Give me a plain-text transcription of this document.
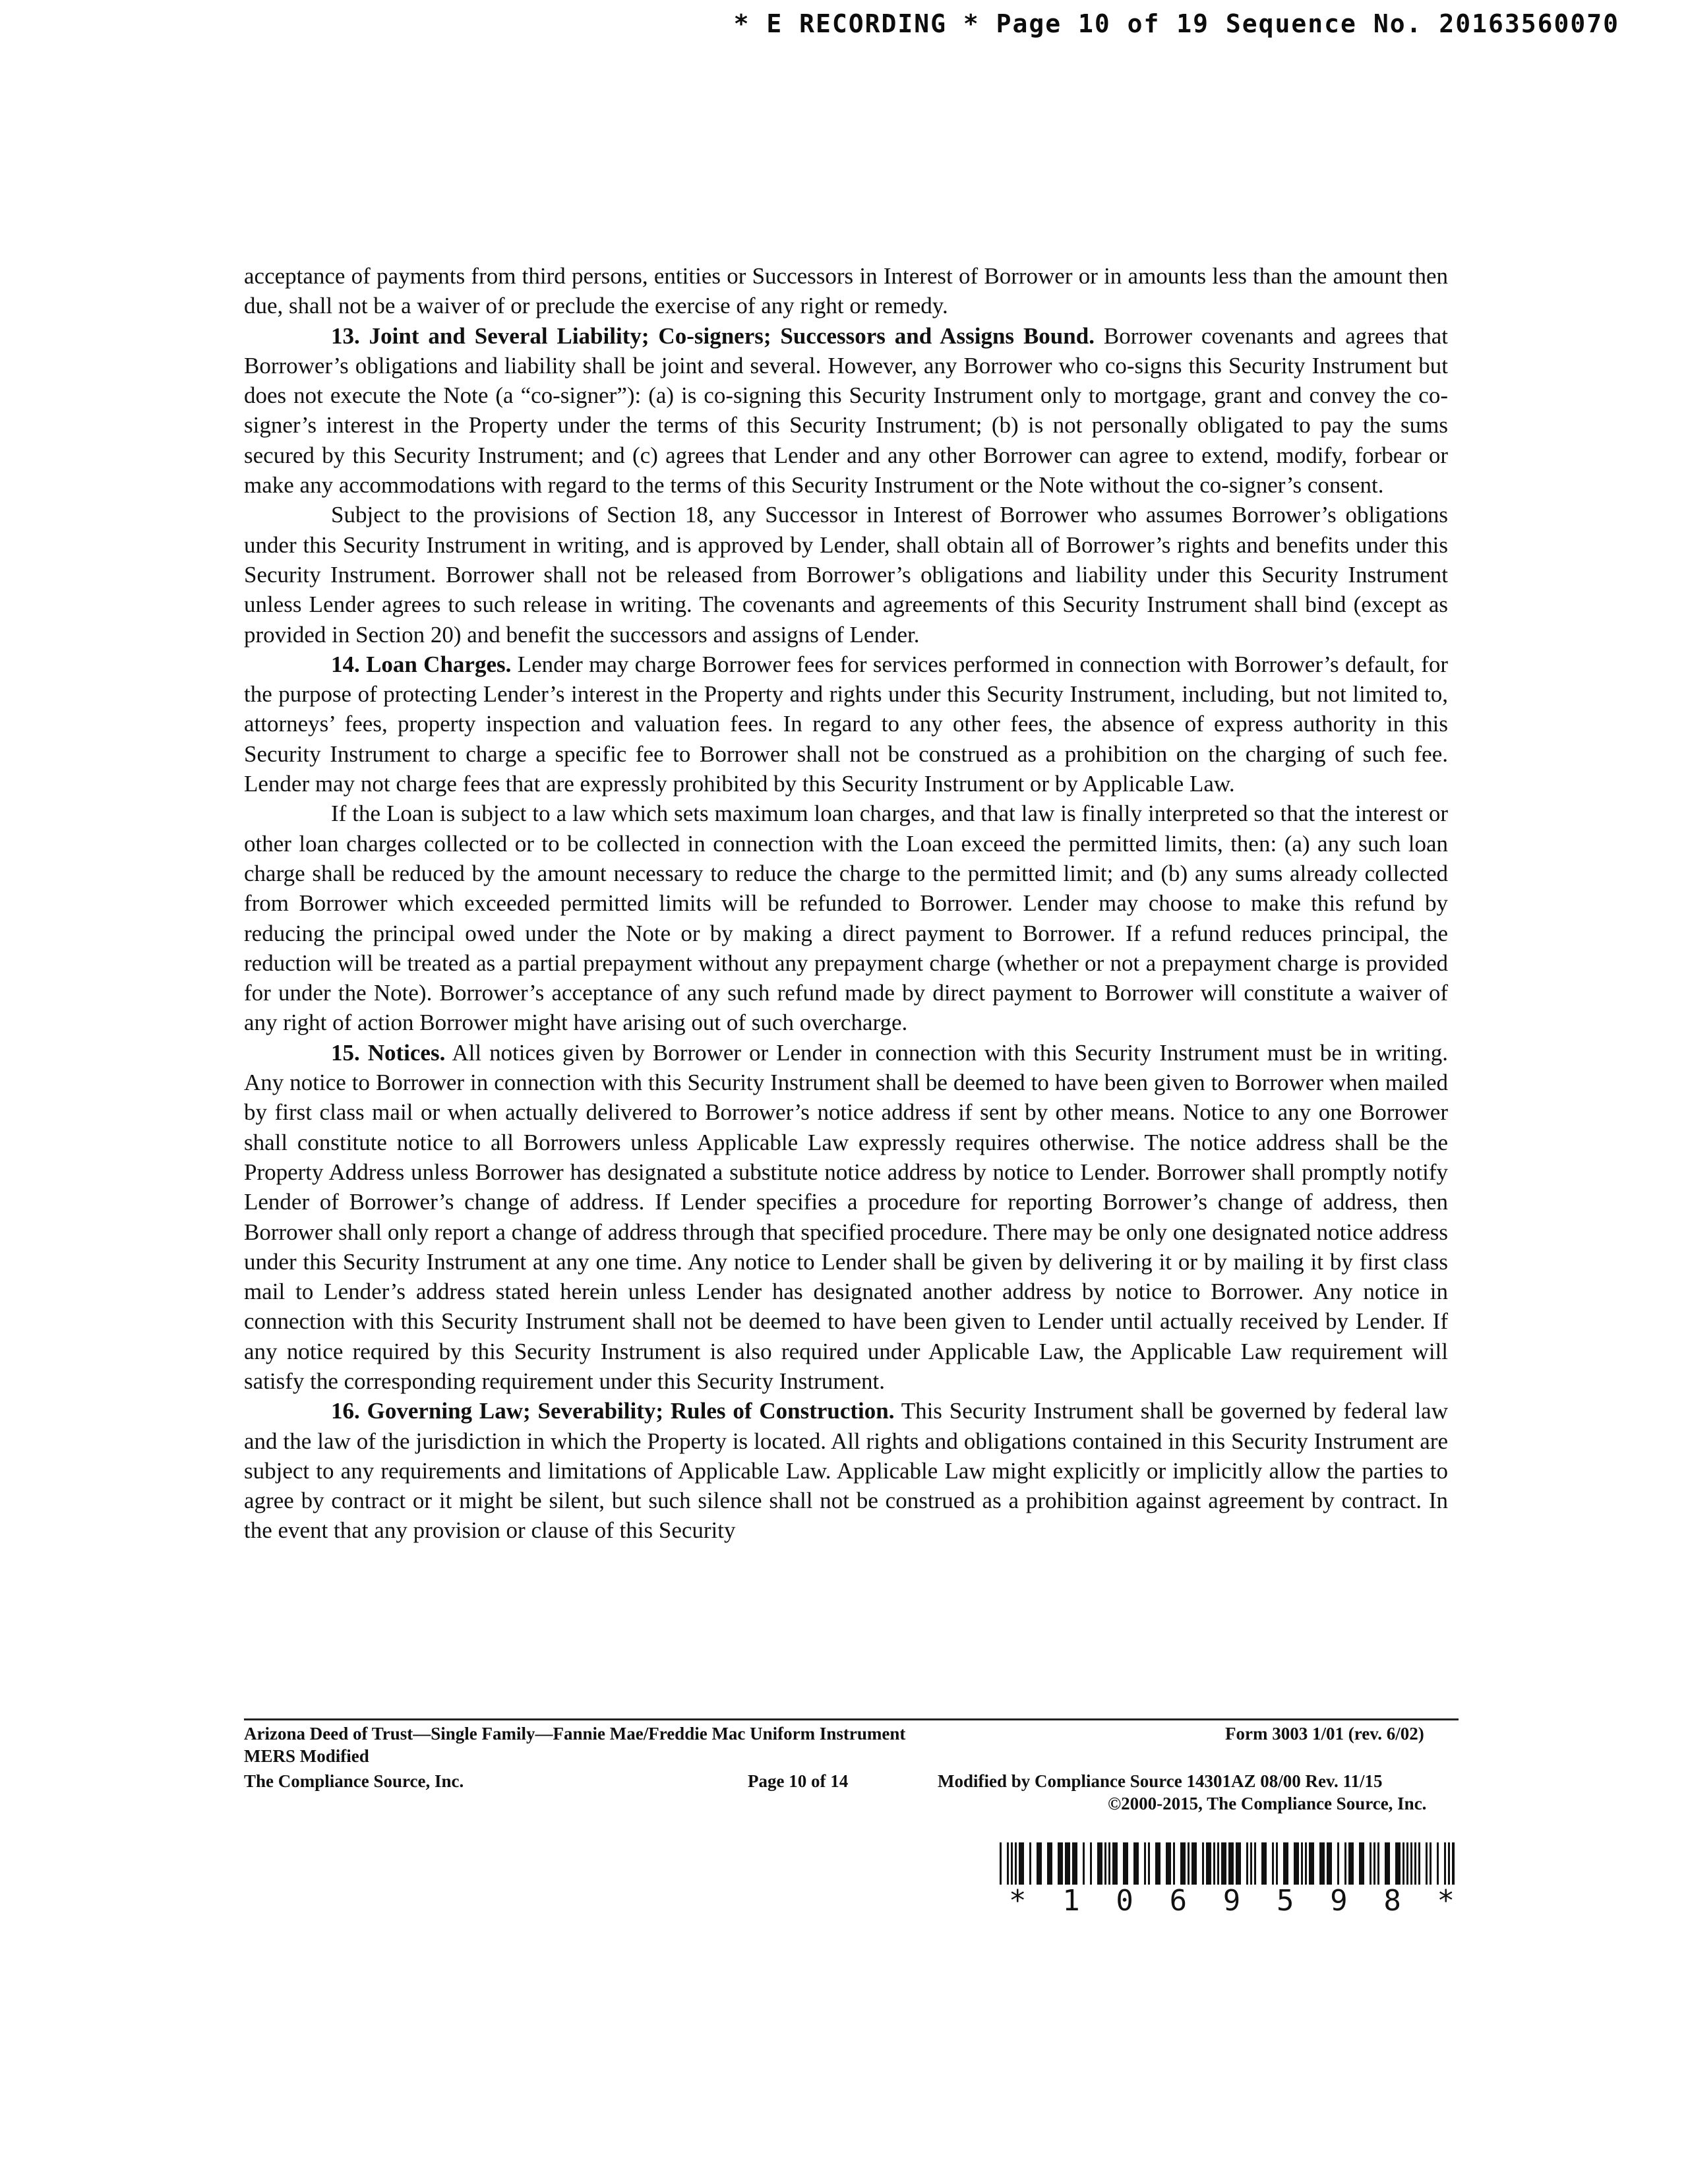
* E RECORDING * Page 10 of 19 Sequence No. 20163560070

acceptance of payments from third persons, entities or Successors in Interest of Borrower or in amounts less than the amount then due, shall not be a waiver of or preclude the exercise of any right or remedy.

13. Joint and Several Liability; Co-signers; Successors and Assigns Bound. Borrower covenants and agrees that Borrower’s obligations and liability shall be joint and several. However, any Borrower who co-signs this Security Instrument but does not execute the Note (a “co-signer”): (a) is co-signing this Security Instrument only to mortgage, grant and convey the co-signer’s interest in the Property under the terms of this Security Instrument; (b) is not personally obligated to pay the sums secured by this Security Instrument; and (c) agrees that Lender and any other Borrower can agree to extend, modify, forbear or make any accommodations with regard to the terms of this Security Instrument or the Note without the co-signer’s consent.

Subject to the provisions of Section 18, any Successor in Interest of Borrower who assumes Borrower’s obligations under this Security Instrument in writing, and is approved by Lender, shall obtain all of Borrower’s rights and benefits under this Security Instrument. Borrower shall not be released from Borrower’s obligations and liability under this Security Instrument unless Lender agrees to such release in writing. The covenants and agreements of this Security Instrument shall bind (except as provided in Section 20) and benefit the successors and assigns of Lender.

14. Loan Charges. Lender may charge Borrower fees for services performed in connection with Borrower’s default, for the purpose of protecting Lender’s interest in the Property and rights under this Security Instrument, including, but not limited to, attorneys’ fees, property inspection and valuation fees. In regard to any other fees, the absence of express authority in this Security Instrument to charge a specific fee to Borrower shall not be construed as a prohibition on the charging of such fee. Lender may not charge fees that are expressly prohibited by this Security Instrument or by Applicable Law.

If the Loan is subject to a law which sets maximum loan charges, and that law is finally interpreted so that the interest or other loan charges collected or to be collected in connection with the Loan exceed the permitted limits, then: (a) any such loan charge shall be reduced by the amount necessary to reduce the charge to the permitted limit; and (b) any sums already collected from Borrower which exceeded permitted limits will be refunded to Borrower. Lender may choose to make this refund by reducing the principal owed under the Note or by making a direct payment to Borrower. If a refund reduces principal, the reduction will be treated as a partial prepayment without any prepayment charge (whether or not a prepayment charge is provided for under the Note). Borrower’s acceptance of any such refund made by direct payment to Borrower will constitute a waiver of any right of action Borrower might have arising out of such overcharge.

15. Notices. All notices given by Borrower or Lender in connection with this Security Instrument must be in writing. Any notice to Borrower in connection with this Security Instrument shall be deemed to have been given to Borrower when mailed by first class mail or when actually delivered to Borrower’s notice address if sent by other means. Notice to any one Borrower shall constitute notice to all Borrowers unless Applicable Law expressly requires otherwise. The notice address shall be the Property Address unless Borrower has designated a substitute notice address by notice to Lender. Borrower shall promptly notify Lender of Borrower’s change of address. If Lender specifies a procedure for reporting Borrower’s change of address, then Borrower shall only report a change of address through that specified procedure. There may be only one designated notice address under this Security Instrument at any one time. Any notice to Lender shall be given by delivering it or by mailing it by first class mail to Lender’s address stated herein unless Lender has designated another address by notice to Borrower. Any notice in connection with this Security Instrument shall not be deemed to have been given to Lender until actually received by Lender. If any notice required by this Security Instrument is also required under Applicable Law, the Applicable Law requirement will satisfy the corresponding requirement under this Security Instrument.

16. Governing Law; Severability; Rules of Construction. This Security Instrument shall be governed by federal law and the law of the jurisdiction in which the Property is located. All rights and obligations contained in this Security Instrument are subject to any requirements and limitations of Applicable Law. Applicable Law might explicitly or implicitly allow the parties to agree by contract or it might be silent, but such silence shall not be construed as a prohibition against agreement by contract. In the event that any provision or clause of this Security

Arizona Deed of Trust—Single Family—Fannie Mae/Freddie Mac Uniform Instrument	Form 3003 1/01 (rev. 6/02)
MERS Modified
The Compliance Source, Inc.	Page 10 of 14	Modified by Compliance Source 14301AZ 08/00 Rev. 11/15
©2000-2015, The Compliance Source, Inc.
* 1 0 6 9 5 9 8 *
